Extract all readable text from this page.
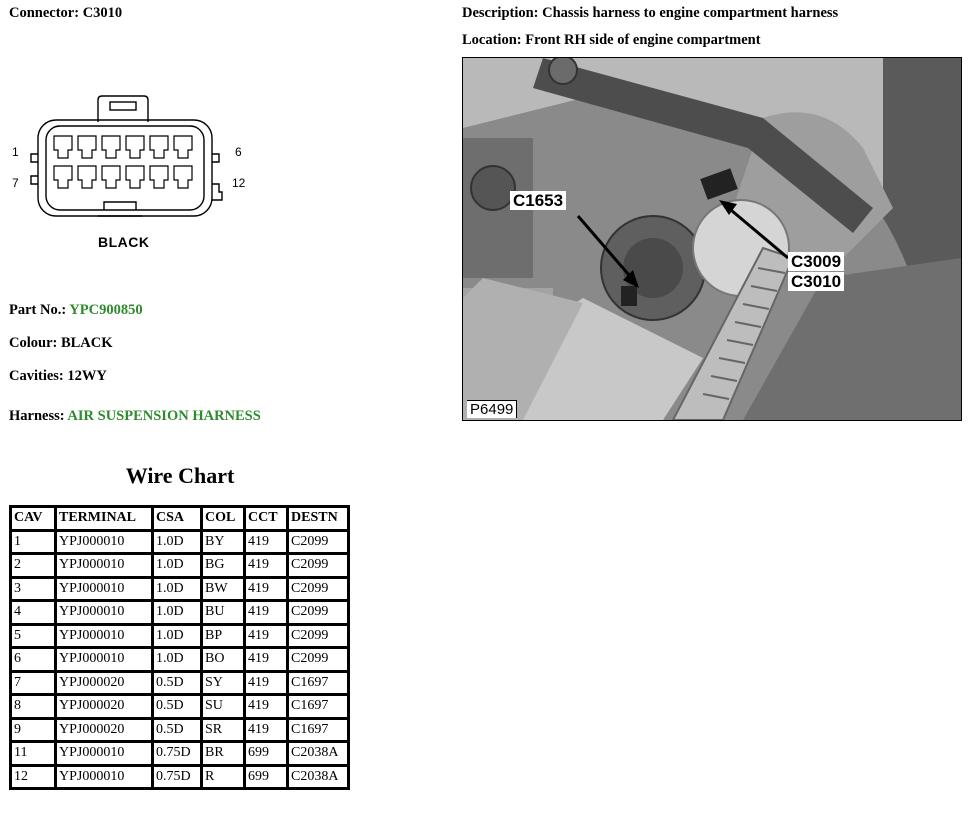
Connector: C3010	Description: Chassis harness to engine compartment harness
Location: Front RH side of engine compartment
1
7
6
12
BLACK
Part No.: YPC900850
Colour: BLACK
Cavities: 12WY
Harness: AIR SUSPENSION HARNESS
C1653
C3009
C3010
P6499
Wire Chart
CAV	TERMINAL	CSA	COL	CCT	DESTN
1	YPJ000010	1.0D	BY	419	C2099
2	YPJ000010	1.0D	BG	419	C2099
3	YPJ000010	1.0D	BW	419	C2099
4	YPJ000010	1.0D	BU	419	C2099
5	YPJ000010	1.0D	BP	419	C2099
6	YPJ000010	1.0D	BO	419	C2099
7	YPJ000020	0.5D	SY	419	C1697
8	YPJ000020	0.5D	SU	419	C1697
9	YPJ000020	0.5D	SR	419	C1697
11	YPJ000010	0.75D	BR	699	C2038A
12	YPJ000010	0.75D	R	699	C2038A
